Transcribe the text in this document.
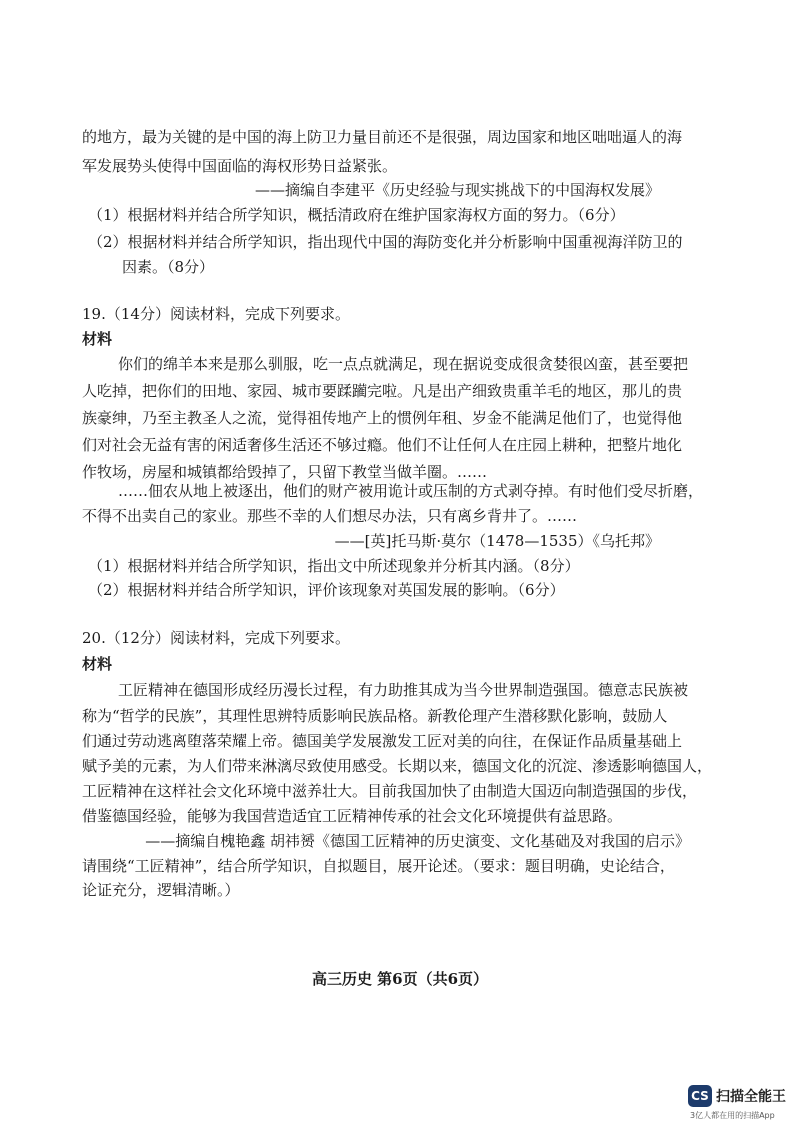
的地方，最为关键的是中国的海上防卫力量目前还不是很强，周边国家和地区咄咄逼人的海
军发展势头使得中国面临的海权形势日益紧张。
——摘编自李建平《历史经验与现实挑战下的中国海权发展》
（1）根据材料并结合所学知识，概括清政府在维护国家海权方面的努力。（6分）
（2）根据材料并结合所学知识，指出现代中国的海防变化并分析影响中国重视海洋防卫的
因素。（8分）
19.（14分）阅读材料，完成下列要求。
材料
你们的绵羊本来是那么驯服，吃一点点就满足，现在据说变成很贪婪很凶蛮，甚至要把
人吃掉，把你们的田地、家园、城市要蹂躏完啦。凡是出产细致贵重羊毛的地区，那儿的贵
族豪绅，乃至主教圣人之流，觉得祖传地产上的惯例年租、岁金不能满足他们了，也觉得他
们对社会无益有害的闲适奢侈生活还不够过瘾。他们不让任何人在庄园上耕种，把整片地化
作牧场，房屋和城镇都给毁掉了，只留下教堂当做羊圈。……
……佃农从地上被逐出，他们的财产被用诡计或压制的方式剥夺掉。有时他们受尽折磨，
不得不出卖自己的家业。那些不幸的人们想尽办法，只有离乡背井了。……
——[英]托马斯·莫尔（1478—1535）《乌托邦》
（1）根据材料并结合所学知识，指出文中所述现象并分析其内涵。（8分）
（2）根据材料并结合所学知识，评价该现象对英国发展的影响。（6分）
20.（12分）阅读材料，完成下列要求。
材料
工匠精神在德国形成经历漫长过程，有力助推其成为当今世界制造强国。德意志民族被
称为“哲学的民族”，其理性思辨特质影响民族品格。新教伦理产生潜移默化影响，鼓励人
们通过劳动逃离堕落荣耀上帝。德国美学发展激发工匠对美的向往，在保证作品质量基础上
赋予美的元素，为人们带来淋漓尽致使用感受。长期以来，德国文化的沉淀、渗透影响德国人，
工匠精神在这样社会文化环境中滋养壮大。目前我国加快了由制造大国迈向制造强国的步伐，
借鉴德国经验，能够为我国营造适宜工匠精神传承的社会文化环境提供有益思路。
——摘编自槐艳鑫 胡祎赟《德国工匠精神的历史演变、文化基础及对我国的启示》
请围绕“工匠精神”，结合所学知识，自拟题目，展开论述。（要求：题目明确，史论结合，
论证充分，逻辑清晰。）
高三历史 第6页（共6页）
CS 扫描全能王
3亿人都在用的扫描App
